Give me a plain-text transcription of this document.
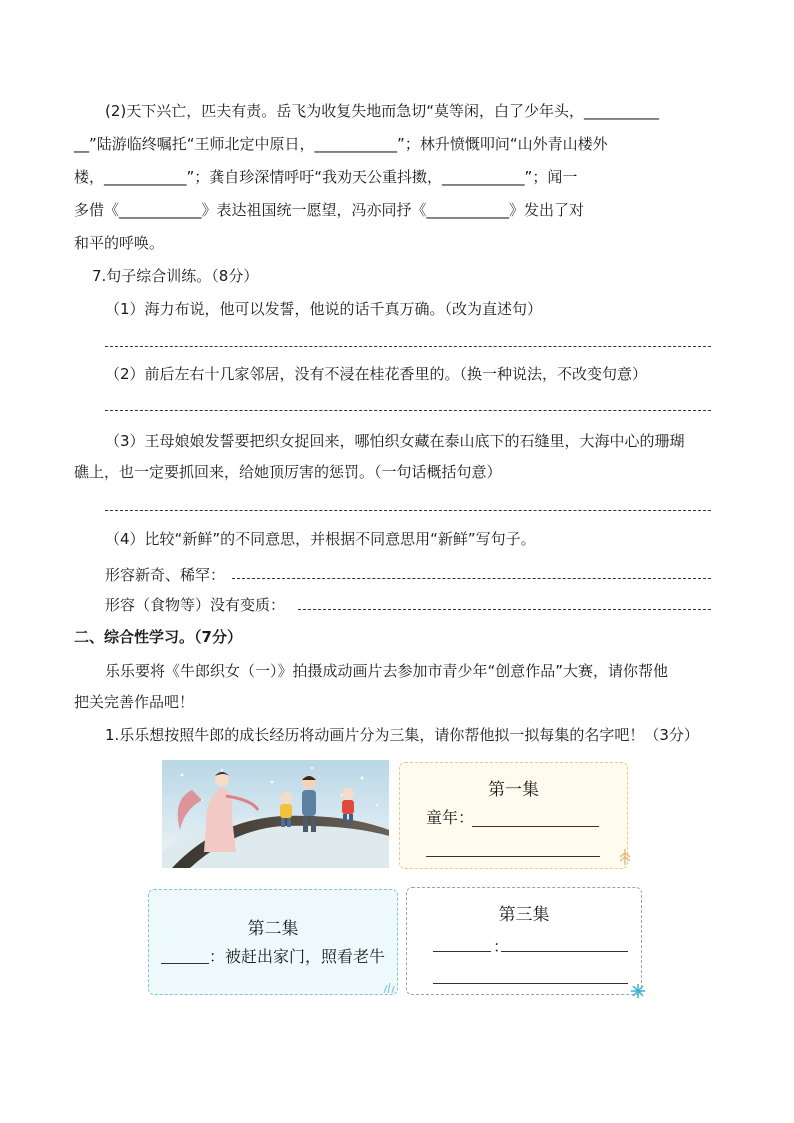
(2)天下兴亡，匹夫有责。岳飞为收复失地而急切“莫等闲，白了少年头，__________
__”陆游临终嘱托“王师北定中原日，___________”；林升愤慨叩问“山外青山楼外
楼，___________”；龚自珍深情呼吁“我劝天公重抖擞，___________”；闻一
多借《___________》表达祖国统一愿望，冯亦同抒《___________》发出了对
和平的呼唤。
7.句子综合训练。（8分）
（1）海力布说，他可以发誓，他说的话千真万确。（改为直述句）
（2）前后左右十几家邻居，没有不浸在桂花香里的。（换一种说法，不改变句意）
（3）王母娘娘发誓要把织女捉回来，哪怕织女藏在泰山底下的石缝里，大海中心的珊瑚
礁上，也一定要抓回来，给她顶厉害的惩罚。（一句话概括句意）
（4）比较“新鲜”的不同意思，并根据不同意思用“新鲜”写句子。
形容新奇、稀罕：
形容（食物等）没有变质：
二、综合性学习。（7分）
乐乐要将《牛郎织女（一）》拍摄成动画片去参加市青少年“创意作品”大赛，请你帮他
把关完善作品吧！
1.乐乐想按照牛郎的成长经历将动画片分为三集，请你帮他拟一拟每集的名字吧！（3分）
第一集
童年：
第二集
：被赶出家门，照看老牛
第三集
：
